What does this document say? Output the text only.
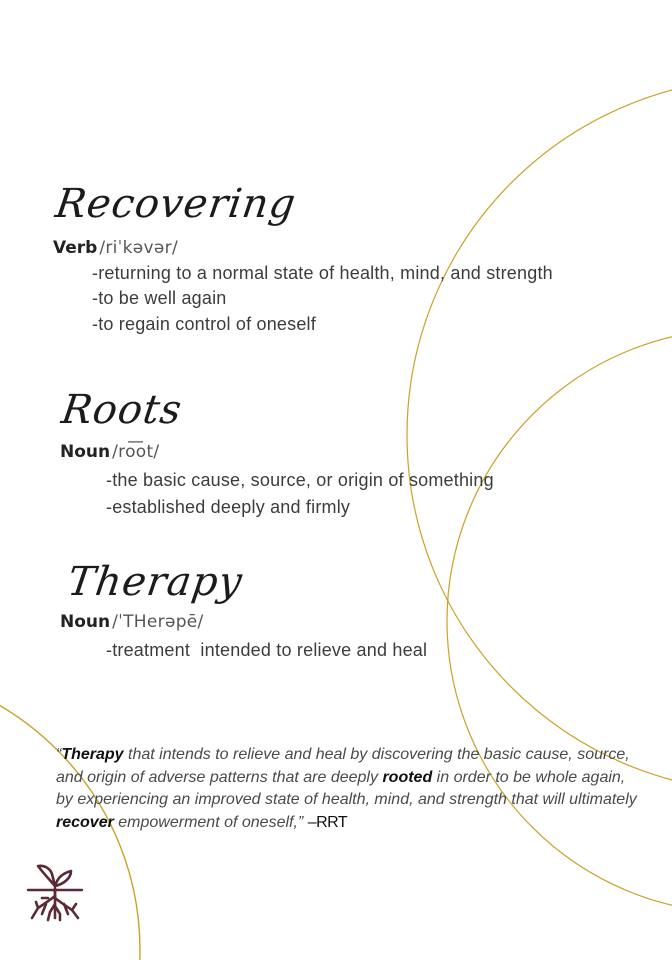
Recovering
Verb /riˈkəvər/
-returning to a normal state of health, mind, and strength
-to be well again
-to regain control of oneself
Roots
Noun /ro͞ot/
-the basic cause, source, or origin of something
-established deeply and firmly
Therapy
Noun /ˈTHerəpē/
-treatment  intended to relieve and heal
“Therapy that intends to relieve and heal by discovering the basic cause, source, and origin of adverse patterns that are deeply rooted in order to be whole again, by experiencing an improved state of health, mind, and strength that will ultimately recover empowerment of oneself,” –RRT
